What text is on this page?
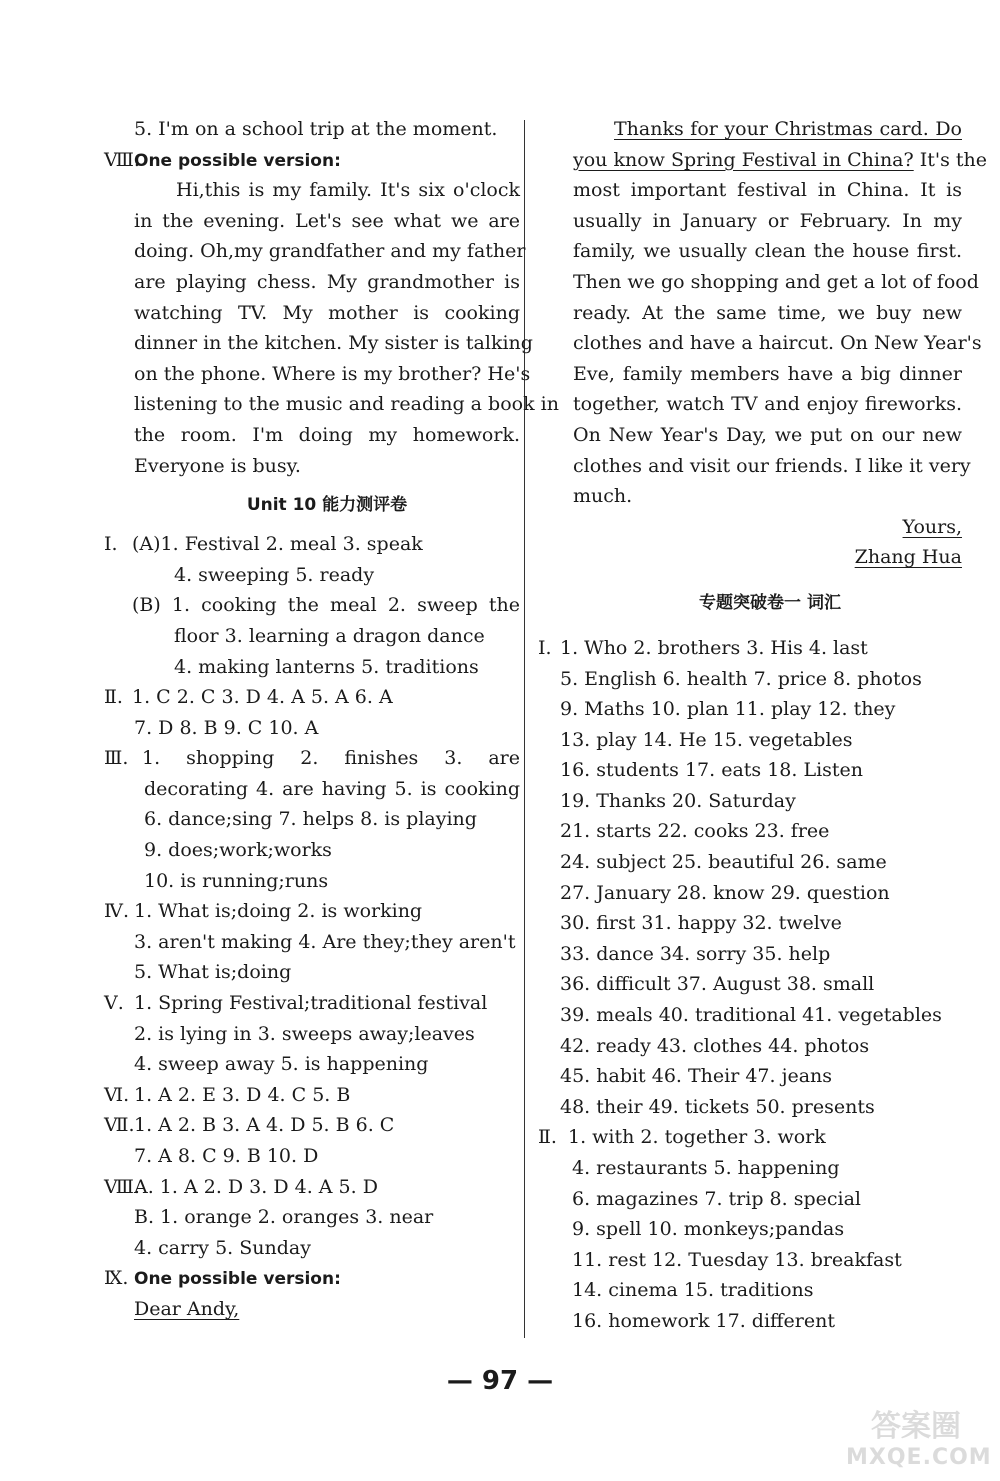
5. I'm on a school trip at the moment.
Ⅷ.
One possible version:
Hi,this is my family. It's six o'clock
in the evening. Let's see what we are
doing. Oh,my grandfather and my father
are playing chess. My grandmother is
watching TV. My mother is cooking
dinner in the kitchen. My sister is talking
on the phone. Where is my brother? He's
listening to the music and reading a book in
the room. I'm doing my homework.
Everyone is busy.
Unit 10 能力测评卷
Ⅰ. (A)1. Festival 2. meal 3. speak
4. sweeping 5. ready
(B) 1. cooking the meal 2. sweep the
floor 3. learning a dragon dance
4. making lanterns 5. traditions
Ⅱ. 1. C 2. C 3. D 4. A 5. A 6. A
7. D 8. B 9. C 10. A
Ⅲ. 1. shopping 2. finishes 3. are
decorating 4. are having 5. is cooking
6. dance;sing 7. helps 8. is playing
9. does;work;works
10. is running;runs
Ⅳ. 1. What is;doing 2. is working
3. aren't making 4. Are they;they aren't
5. What is;doing
Ⅴ. 1. Spring Festival;traditional festival
2. is lying in 3. sweeps away;leaves
4. sweep away 5. is happening
Ⅵ. 1. A 2. E 3. D 4. C 5. B
Ⅶ. 1. A 2. B 3. A 4. D 5. B 6. C
7. A 8. C 9. B 10. D
Ⅷ.
A. 1. A 2. D 3. D 4. A 5. D
B. 1. orange 2. oranges 3. near
4. carry 5. Sunday
Ⅸ. One possible version:
Dear Andy,
Thanks for your Christmas card. Do
you know Spring Festival in China? It's the
most important festival in China. It is
usually in January or February. In my
family, we usually clean the house first.
Then we go shopping and get a lot of food
ready. At the same time, we buy new
clothes and have a haircut. On New Year's
Eve, family members have a big dinner
together, watch TV and enjoy fireworks.
On New Year's Day, we put on our new
clothes and visit our friends. I like it very
much.
Yours,
Zhang Hua
专题突破卷一 词汇
I. 1. Who 2. brothers 3. His 4. last
5. English 6. health 7. price 8. photos
9. Maths 10. plan 11. play 12. they
13. play 14. He 15. vegetables
16. students 17. eats 18. Listen
19. Thanks 20. Saturday
21. starts 22. cooks 23. free
24. subject 25. beautiful 26. same
27. January 28. know 29. question
30. first 31. happy 32. twelve
33. dance 34. sorry 35. help
36. difficult 37. August 38. small
39. meals 40. traditional 41. vegetables
42. ready 43. clothes 44. photos
45. habit 46. Their 47. jeans
48. their 49. tickets 50. presents
Ⅱ. 1. with 2. together 3. work
4. restaurants 5. happening
6. magazines 7. trip 8. special
9. spell 10. monkeys;pandas
11. rest 12. Tuesday 13. breakfast
14. cinema 15. traditions
16. homework 17. different
— 97 —
答案圈
MXQE.COM
